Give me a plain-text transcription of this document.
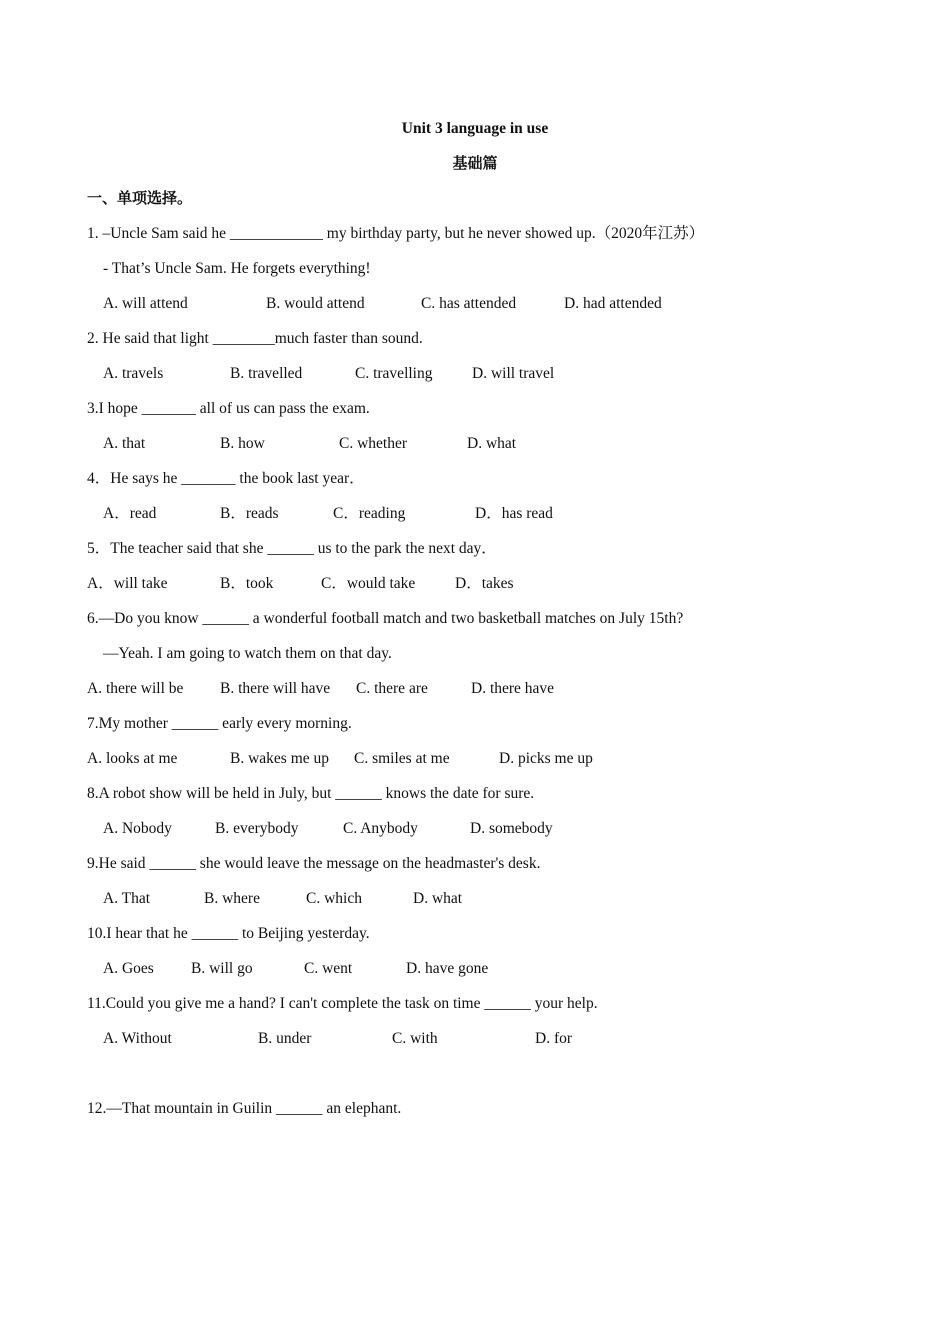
Unit 3 language in use
基础篇
一、单项选择。
1. –Uncle Sam said he ____________ my birthday party, but he never showed up.（2020年江苏）
- That’s Uncle Sam. He forgets everything!
A. will attend	B. would attend	C. has attended	D. had attended
2. He said that light ________much faster than sound.
A. travels	B. travelled	C. travelling	D. will travel
3.I hope _______ all of us can pass the exam.
A. that	B. how	C. whether	D. what
4．He says he _______ the book last year．
A．read	B．reads	C．reading	D．has read
5．The teacher said that she ______ us to the park the next day．
A．will take	B．took	C．would take	D．takes
6.—Do you know ______ a wonderful football match and two basketball matches on July 15th?
—Yeah. I am going to watch them on that day.
A. there will be B. there will have C. there are	D. there have
7.My mother ______ early every morning.
A. looks at me	B. wakes me up C. smiles at me	D. picks me up
8.A robot show will be held in July, but ______ knows the date for sure.
A. Nobody	B. everybody	C. Anybody	D. somebody
9.He said ______ she would leave the message on the headmaster's desk.
A. That	B. where	C. which	D. what
10.I hear that he ______ to Beijing yesterday.
A. Goes B. will go	C. went	D. have gone
11.Could you give me a hand? I can't complete the task on time ______ your help.
A. Without	B. under	C. with	D. for
12.—That mountain in Guilin ______ an elephant.
